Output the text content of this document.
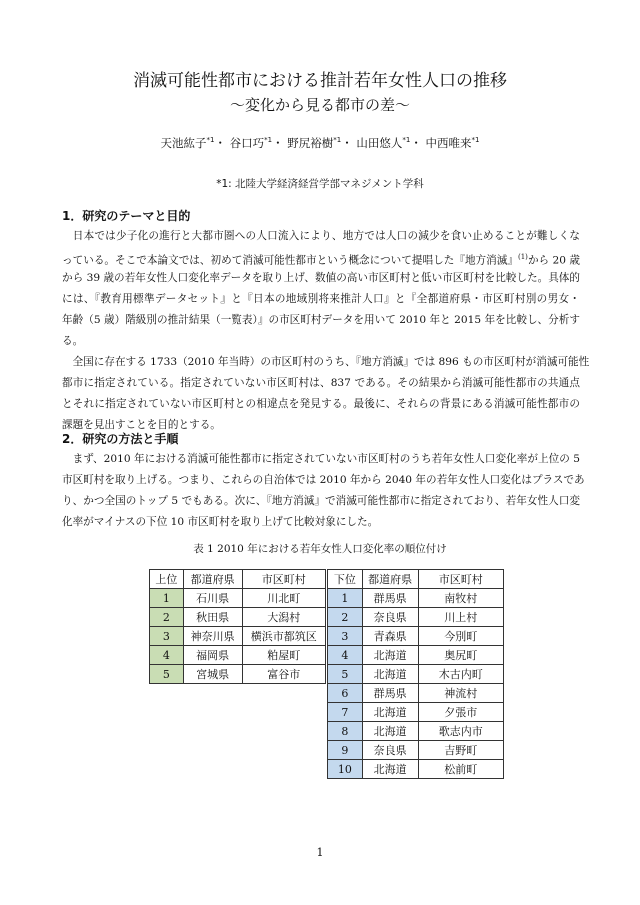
消滅可能性都市における推計若年女性人口の推移
～変化から見る都市の差～
天池紘子$^{*1}$・ 谷口巧$^{*1}$・ 野尻裕樹$^{*1}$・ 山田悠人$^{*1}$・ 中西唯来$^{*1}$
*1: 北陸大学経済経営学部マネジメント学科
1．研究のテーマと目的
　日本では少子化の進行と大都市圏への人口流入により、地方では人口の減少を食い止めることが難しくな
っている。そこで本論文では、初めて消滅可能性都市という概念について提唱した『地方消滅』$^{(1)}$から 20 歳
から 39 歳の若年女性人口変化率データを取り上げ、数値の高い市区町村と低い市区町村を比較した。具体的
には、『教育用標準データセット』と『日本の地域別将来推計人口』と『全都道府県・市区町村別の男女・
年齢（5 歳）階級別の推計結果（一覧表）』の市区町村データを用いて 2010 年と 2015 年を比較し、分析す
る。
　全国に存在する 1733（2010 年当時）の市区町村のうち、『地方消滅』では 896 もの市区町村が消滅可能性
都市に指定されている。指定されていない市区町村は、837 である。その結果から消滅可能性都市の共通点
とそれに指定されていない市区町村との相違点を発見する。最後に、それらの背景にある消滅可能性都市の
課題を見出すことを目的とする。
2．研究の方法と手順
　まず、2010 年における消滅可能性都市に指定されていない市区町村のうち若年女性人口変化率が上位の 5
市区町村を取り上げる。つまり、これらの自治体では 2010 年から 2040 年の若年女性人口変化はプラスであ
り、かつ全国のトップ 5 でもある。次に、『地方消滅』で消滅可能性都市に指定されており、若年女性人口変
化率がマイナスの下位 10 市区町村を取り上げて比較対象にした。
表 1 2010 年における若年女性人口変化率の順位付け
上位	都道府県	市区町村
1	石川県	川北町
2	秋田県	大潟村
3	神奈川県	横浜市都筑区
4	福岡県	粕屋町
5	宮城県	富谷市
下位	都道府県	市区町村
1	群馬県	南牧村
2	奈良県	川上村
3	青森県	今別町
4	北海道	奥尻町
5	北海道	木古内町
6	群馬県	神流村
7	北海道	夕張市
8	北海道	歌志内市
9	奈良県	吉野町
10	北海道	松前町
1
